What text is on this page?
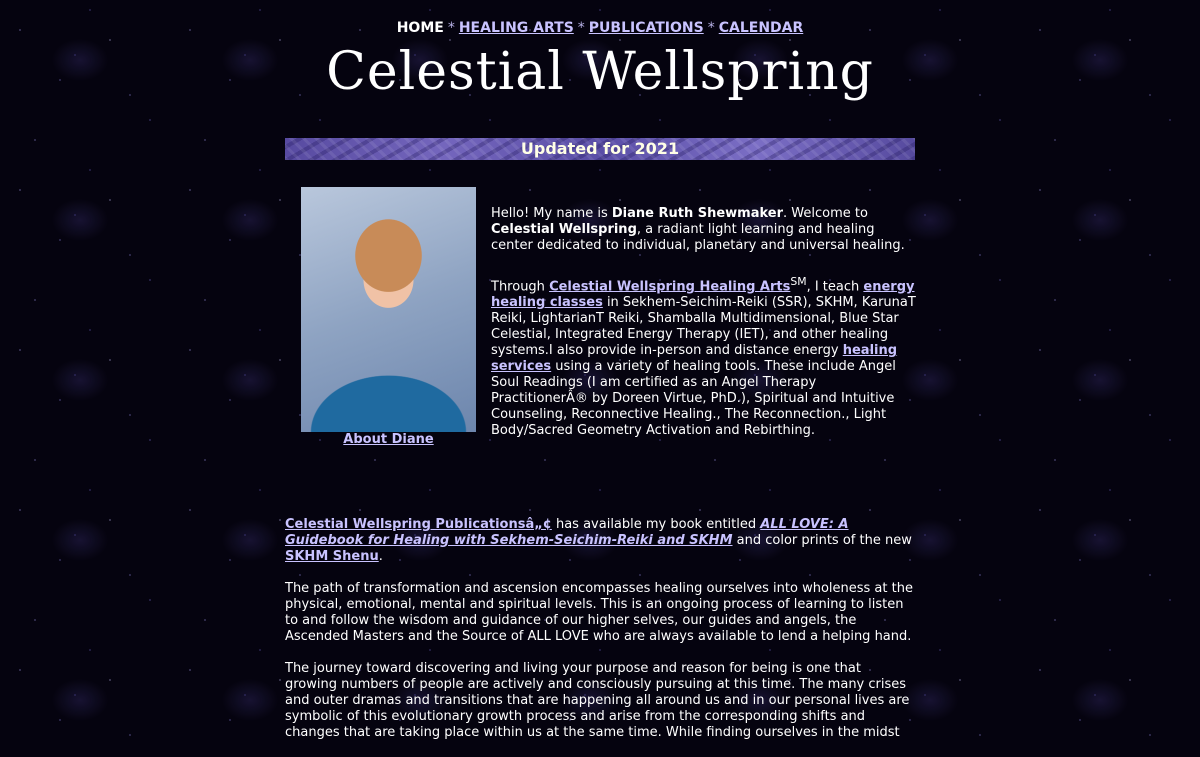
HOME * HEALING ARTS * PUBLICATIONS * CALENDAR
Celestial Wellspring
Updated for 2021
About Diane

Hello! My name is Diane Ruth Shewmaker. Welcome to Celestial Wellspring, a radiant light learning and healing center dedicated to individual, planetary and universal healing.

Through Celestial Wellspring Healing Arts℠, I teach energy healing classes in Sekhem-Seichim-Reiki (SSR), SKHM, KarunaT Reiki, LightarianT Reiki, Shamballa Multidimensional, Blue Star Celestial, Integrated Energy Therapy (IET), and other healing systems.I also provide in-person and distance energy healing services using a variety of healing tools. These include Angel Soul Readings (I am certified as an Angel Therapy PractitionerÂ® by Doreen Virtue, PhD.), Spiritual and Intuitive Counseling, Reconnective Healing., The Reconnection., Light Body/Sacred Geometry Activation and Rebirthing.

Celestial Wellspring Publicationsâ„¢ has available my book entitled ALL LOVE: A Guidebook for Healing with Sekhem-Seichim-Reiki and SKHM and color prints of the new SKHM Shenu.

The path of transformation and ascension encompasses healing ourselves into wholeness at the physical, emotional, mental and spiritual levels. This is an ongoing process of learning to listen to and follow the wisdom and guidance of our higher selves, our guides and angels, the Ascended Masters and the Source of ALL LOVE who are always available to lend a helping hand.

The journey toward discovering and living your purpose and reason for being is one that growing numbers of people are actively and consciously pursuing at this time. The many crises and outer dramas and transitions that are happening all around us and in our personal lives are symbolic of this evolutionary growth process and arise from the corresponding shifts and changes that are taking place within us at the same time. While finding ourselves in the midst
